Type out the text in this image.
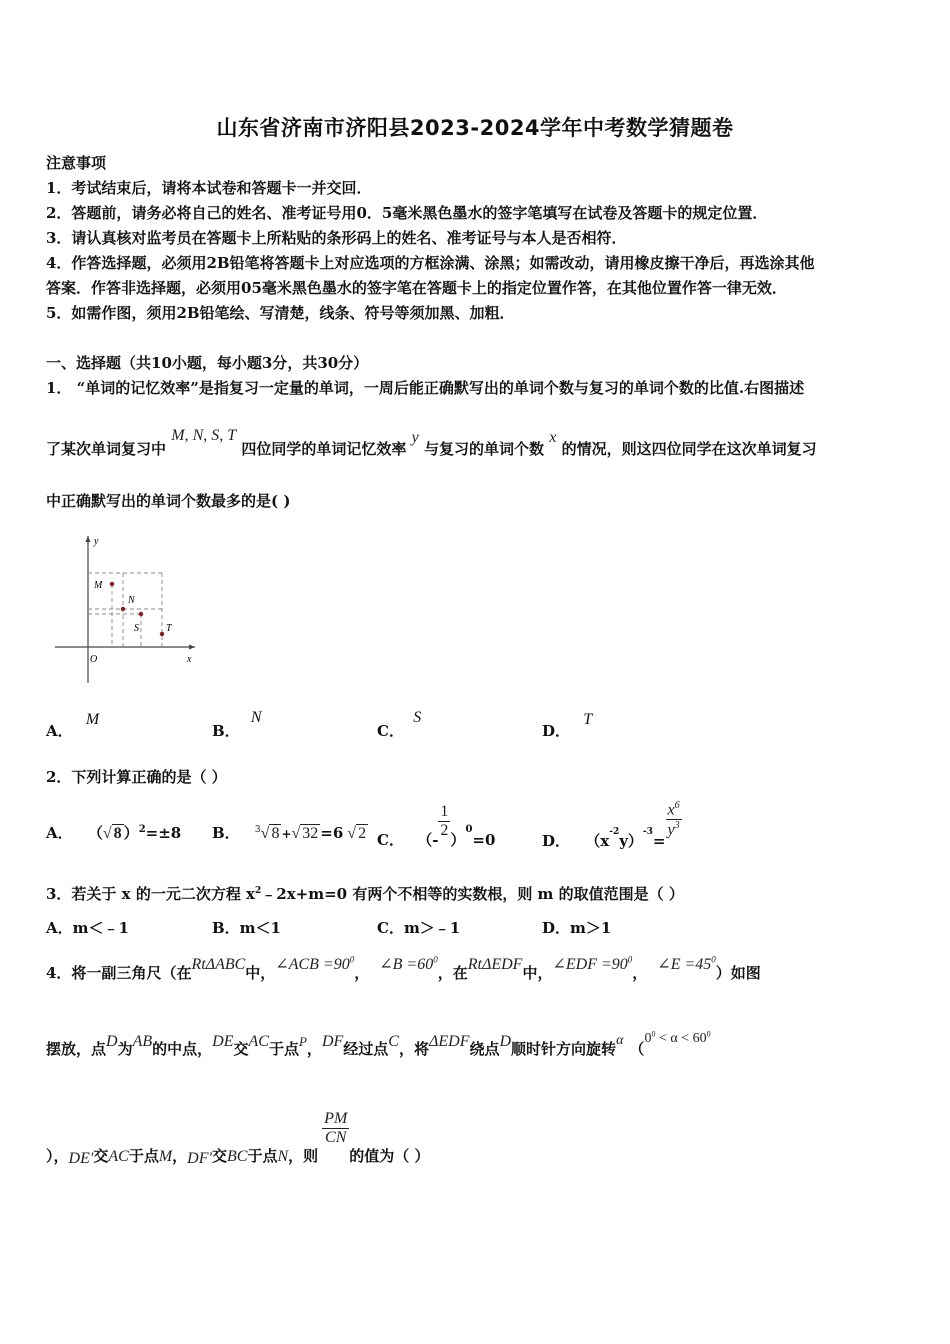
山东省济南市济阳县2023-2024学年中考数学猜题卷
注意事项
1．考试结束后，请将本试卷和答题卡一并交回．
2．答题前，请务必将自己的姓名、准考证号用0．5毫米黑色墨水的签字笔填写在试卷及答题卡的规定位置．
3．请认真核对监考员在答题卡上所粘贴的条形码上的姓名、准考证号与本人是否相符．
4．作答选择题，必须用2B铅笔将答题卡上对应选项的方框涂满、涂黑；如需改动，请用橡皮擦干净后，再选涂其他
答案．作答非选择题，必须用05毫米黑色墨水的签字笔在答题卡上的指定位置作答，在其他位置作答一律无效．
5．如需作图，须用2B铅笔绘、写清楚，线条、符号等须加黑、加粗．
一、选择题（共10小题，每小题3分，共30分）
1． “单词的记忆效率”是指复习一定量的单词，一周后能正确默写出的单词个数与复习的单词个数的比值.右图描述
了某次单词复习中 M, N, S, T 四位同学的单词记忆效率 y 与复习的单词个数 x 的情况，则这四位同学在这次单词复习
中正确默写出的单词个数最多的是( )
y
x
O
M
N
S	T
A． M
B． N
C． S
D． T
2．下列计算正确的是（ ）
A． （√ 8 ）$^2$=±8 B． $^3$√ 8 +√ 32 =6 √ 2 C． （- $\frac{1}{2} )^0=0$	D． $(x^{-2}y)^{-3}=$
$\frac{x^6}{y^3}$
3．若关于 x 的一元二次方程 $x^2﹣2x+m=0$ 有两个不相等的实数根，则 m 的取值范围是（ ）
A．m＜﹣1	B．m＜1	C．m＞﹣1	D．m＞1
4．将一副三角尺（在RtΔABC中，∠ACB $=90^0$， ∠B $=60^0$，在RtΔEDF中，∠EDF $=90^0$， ∠E $=45^0$）如图
摆放，点D为AB的中点，DE交AC于点P，DF经过点C，将ΔEDF绕点D顺时针方向旋转α （$0^0 < \alpha < 60^0$
），DE′交AC于点M，DF′交BC于点N，则
$\frac{PM}{CN}$
的值为（ ）
